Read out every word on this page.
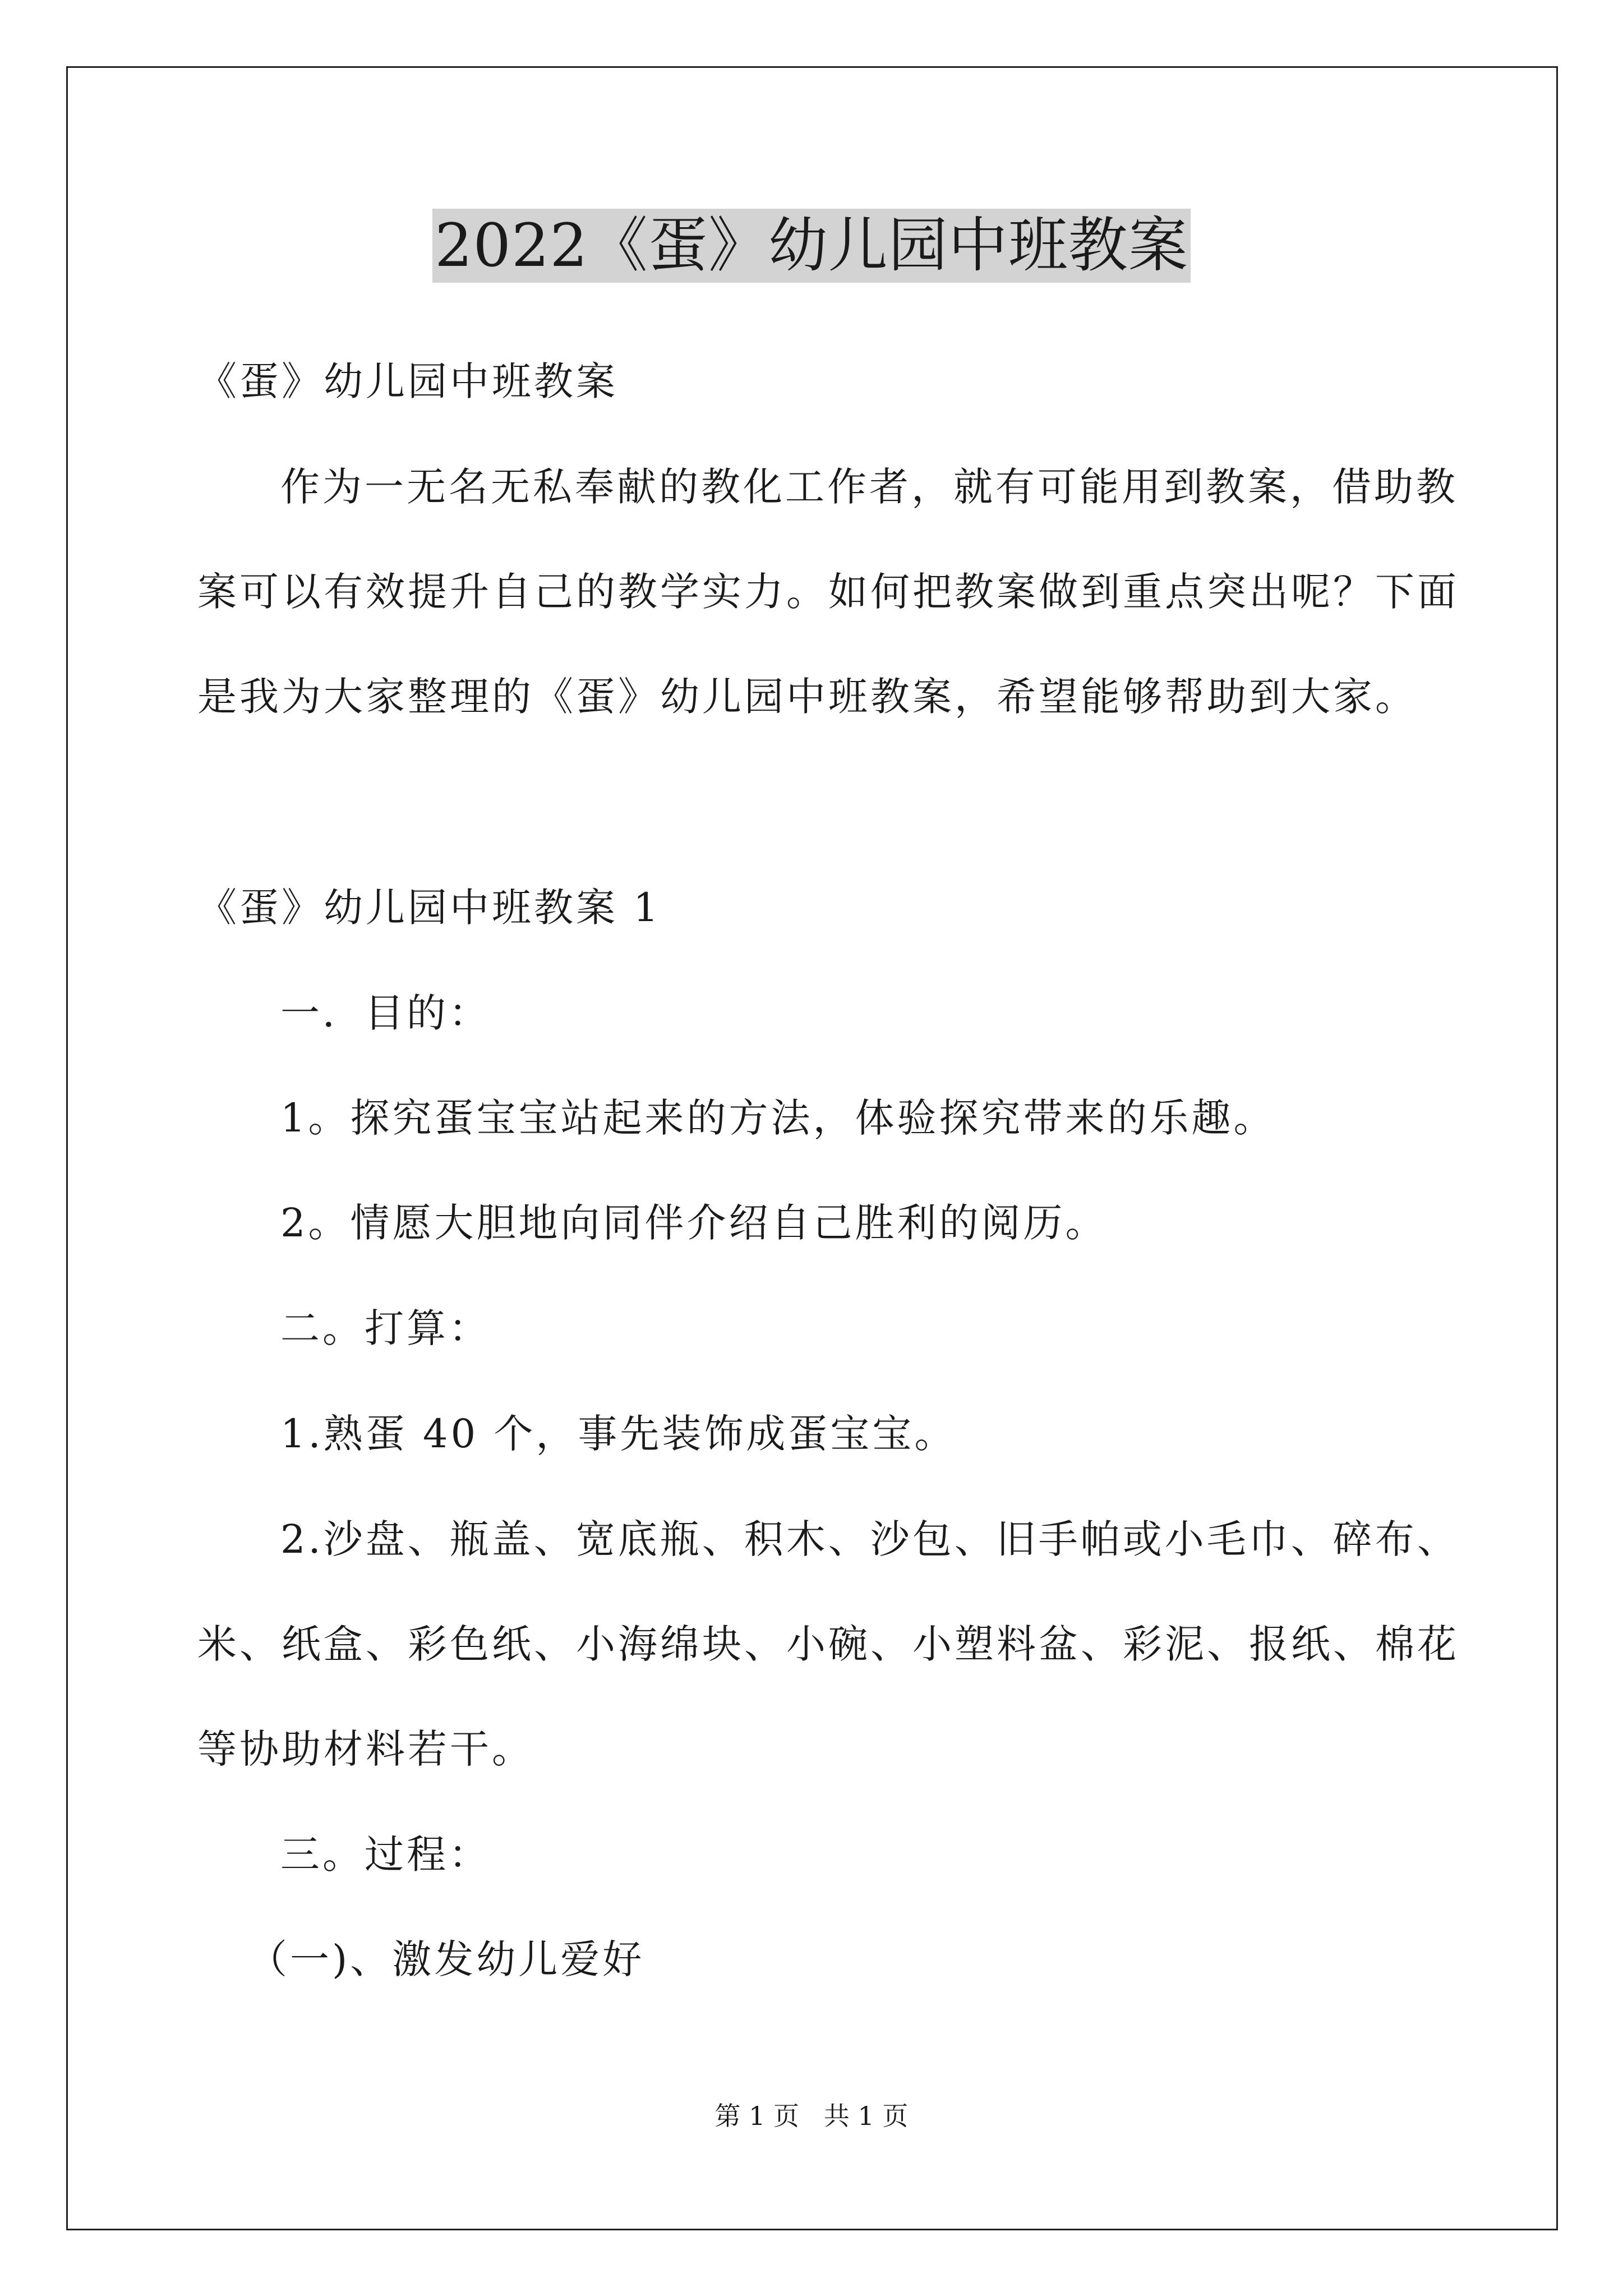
2022《蛋》幼儿园中班教案
《蛋》幼儿园中班教案
作为一无名无私奉献的教化工作者，就有可能用到教案，借助教
案可以有效提升自己的教学实力。如何把教案做到重点突出呢？下面
是我为大家整理的《蛋》幼儿园中班教案，希望能够帮助到大家。
《蛋》幼儿园中班教案 1
一．目的：
1。探究蛋宝宝站起来的方法，体验探究带来的乐趣。
2。情愿大胆地向同伴介绍自己胜利的阅历。
二。打算：
1.熟蛋 40 个，事先装饰成蛋宝宝。
2.沙盘、瓶盖、宽底瓶、积木、沙包、旧手帕或小毛巾、碎布、
米、纸盒、彩色纸、小海绵块、小碗、小塑料盆、彩泥、报纸、棉花
等协助材料若干。
三。过程：
（一)、激发幼儿爱好
第 1 页   共 1 页
